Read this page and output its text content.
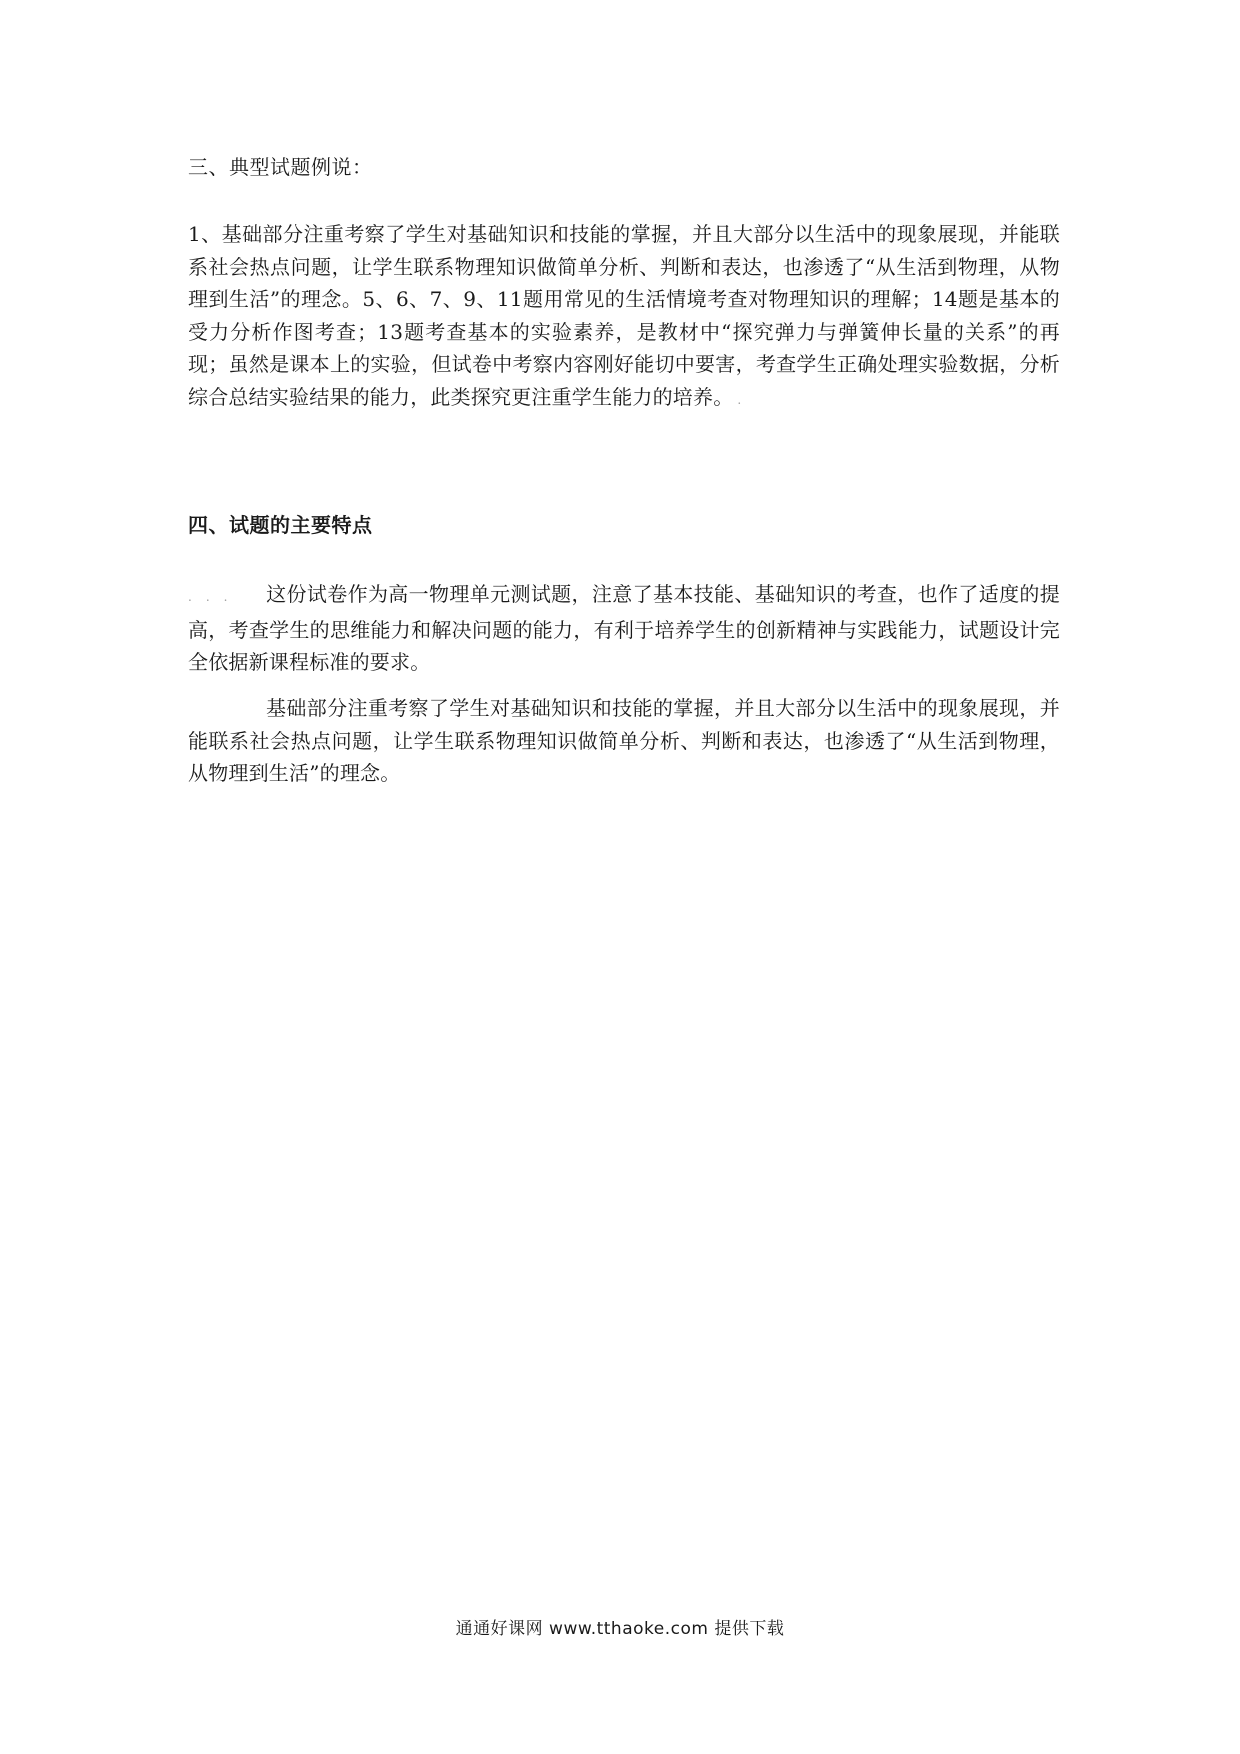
三、典型试题例说：
1、基础部分注重考察了学生对基础知识和技能的掌握，并且大部分以生活中的现象展现，并能联系社会热点问题，让学生联系物理知识做简单分析、判断和表达，也渗透了“从生活到物理，从物理到生活”的理念。5、6、7、9、11题用常见的生活情境考查对物理知识的理解；14题是基本的受力分析作图考查；13题考查基本的实验素养，是教材中“探究弹力与弹簧伸长量的关系”的再现；虽然是课本上的实验，但试卷中考察内容刚好能切中要害，考查学生正确处理实验数据，分析综合总结实验结果的能力，此类探究更注重学生能力的培养。 .
四、试题的主要特点
... 这份试卷作为高一物理单元测试题，注意了基本技能、基础知识的考查，也作了适度的提高，考查学生的思维能力和解决问题的能力，有利于培养学生的创新精神与实践能力，试题设计完全依据新课程标准的要求。
基础部分注重考察了学生对基础知识和技能的掌握，并且大部分以生活中的现象展现，并能联系社会热点问题，让学生联系物理知识做简单分析、判断和表达，也渗透了“从生活到物理，从物理到生活”的理念。
通通好课网 www.tthaoke.com 提供下载
